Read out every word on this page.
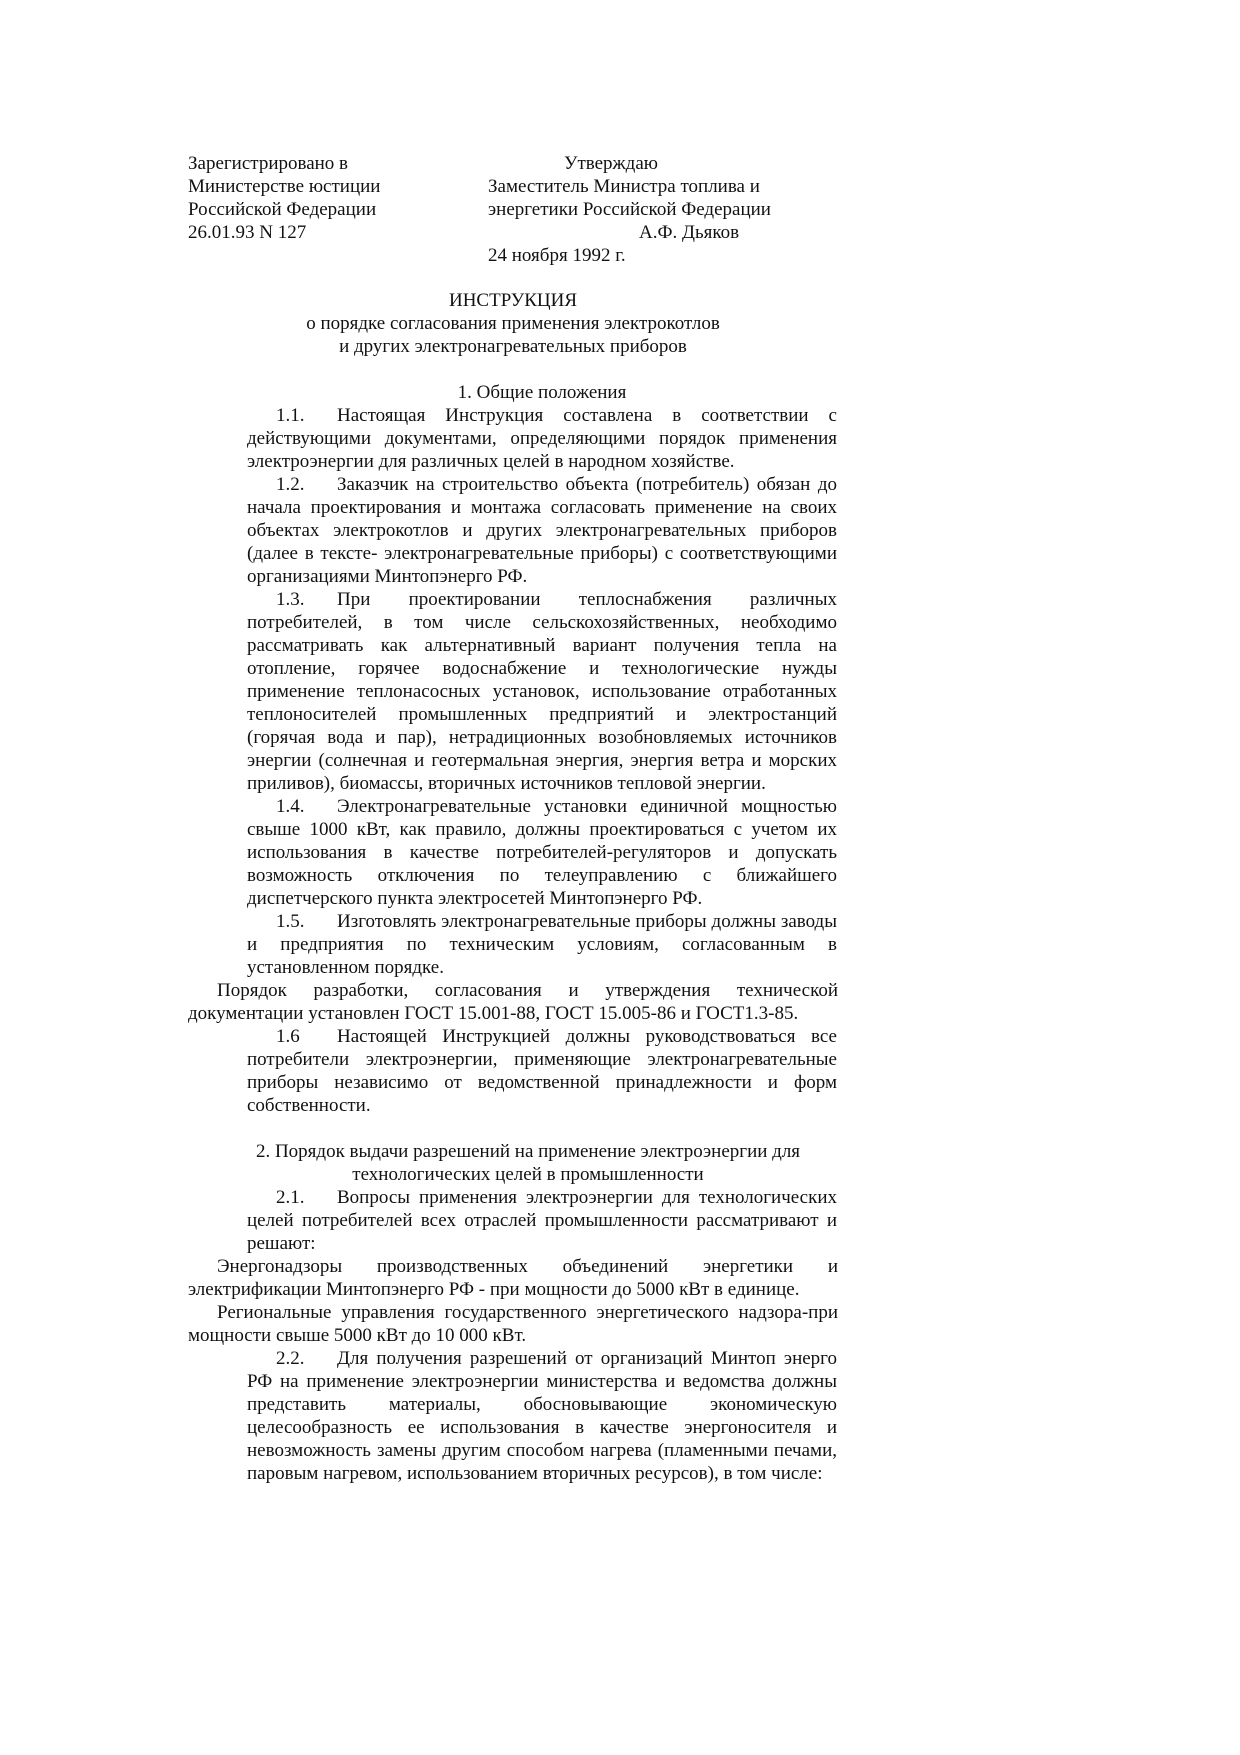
Зарегистрировано в
Министерстве юстиции
Российской Федерации
26.01.93 N 127
Утверждаю
Заместитель Министра топлива и
энергетики Российской Федерации
А.Ф. Дьяков
24 ноября 1992 г.
ИНСТРУКЦИЯ
о порядке согласования применения электрокотлов
и других электронагревательных приборов
1. Общие положения

1.1. Настоящая Инструкция составлена в соответствии с действующими документами, определяющими порядок применения электроэнергии для различных целей в народном хозяйстве.

1.2. Заказчик на строительство объекта (потребитель) обязан до начала проектирования и монтажа согласовать применение на своих объектах электрокотлов и других электронагревательных приборов (далее в тексте- электронагревательные приборы) с соответствующими организациями Минтопэнерго РФ.

1.3. При проектировании теплоснабжения различных потребителей, в том числе сельскохозяйственных, необходимо рассматривать как альтернативный вариант получения тепла на отопление, горячее водоснабжение и технологические нужды применение теплонасосных установок, использование отработанных теплоносителей промышленных предприятий и электростанций (горячая вода и пар), нетрадиционных возобновляемых источников энергии (солнечная и геотермальная энергия, энергия ветра и морских приливов), биомассы, вторичных источников тепловой энергии.

1.4. Электронагревательные установки единичной мощностью свыше 1000 кВт, как правило, должны проектироваться с учетом их использования в качестве потребителей-регуляторов и допускать возможность отключения по телеуправлению с ближайшего диспетчерского пункта электросетей Минтопэнерго РФ.

1.5. Изготовлять электронагревательные приборы должны заводы и предприятия по техническим условиям, согласованным в установленном порядке.

Порядок разработки, согласования и утверждения технической документации установлен ГОСТ 15.001-88, ГОСТ 15.005-86 и ГОСТ1.3-85.

1.6 Настоящей Инструкцией должны руководствоваться все потребители электроэнергии, применяющие электронагревательные приборы независимо от ведомственной принадлежности и форм собственности.

2. Порядок выдачи разрешений на применение электроэнергии для
технологических целей в промышленности

2.1. Вопросы применения электроэнергии для технологических целей потребителей всех отраслей промышленности рассматривают и решают:

Энергонадзоры производственных объединений энергетики и электрификации Минтопэнерго РФ - при мощности до 5000 кВт в единице.

Региональные управления государственного энергетического надзора-при мощности свыше 5000 кВт до 10 000 кВт.

2.2. Для получения разрешений от организаций Минтоп энерго РФ на применение электроэнергии министерства и ведомства должны представить материалы, обосновывающие экономическую целесообразность ее использования в качестве энергоносителя и невозможность замены другим способом нагрева (пламенными печами, паровым нагревом, использованием вторичных ресурсов), в том числе:
